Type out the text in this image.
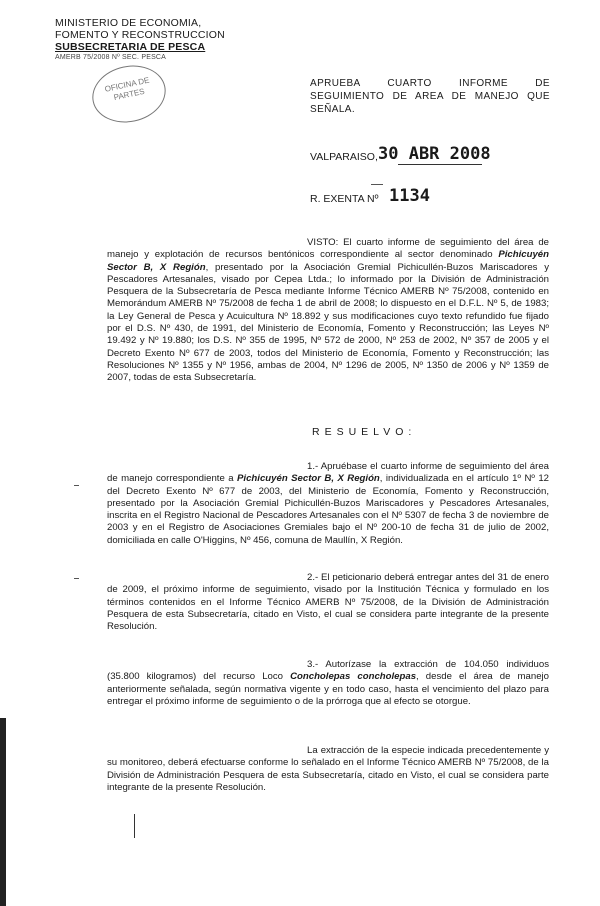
MINISTERIO DE ECONOMIA,
FOMENTO Y RECONSTRUCCION
SUBSECRETARIA DE PESCA
AMERB 75/2008 Nº SEC. PESCA
OFICINA DE PARTES
APRUEBA CUARTO INFORME DE SEGUIMIENTO DE AREA DE MANEJO QUE SEÑALA.
VALPARAISO, 30 ABR 2008
R. EXENTA Nº 1134

VISTO: El cuarto informe de seguimiento del área de manejo y explotación de recursos bentónicos correspondiente al sector denominado Pichicuyén Sector B, X Región, presentado por la Asociación Gremial Pichicullén-Buzos Mariscadores y Pescadores Artesanales, visado por Cepea Ltda.; lo informado por la División de Administración Pesquera de la Subsecretaría de Pesca mediante Informe Técnico AMERB Nº 75/2008, contenido en Memorándum AMERB Nº 75/2008 de fecha 1 de abril de 2008; lo dispuesto en el D.F.L. Nº 5, de 1983; la Ley General de Pesca y Acuicultura Nº 18.892 y sus modificaciones cuyo texto refundido fue fijado por el D.S. Nº 430, de 1991, del Ministerio de Economía, Fomento y Reconstrucción; las Leyes Nº 19.492 y Nº 19.880; los D.S. Nº 355 de 1995, Nº 572 de 2000, Nº 253 de 2002, Nº 357 de 2005 y el Decreto Exento Nº 677 de 2003, todos del Ministerio de Economía, Fomento y Reconstrucción; las Resoluciones Nº 1355 y Nº 1956, ambas de 2004, Nº 1296 de 2005, Nº 1350 de 2006 y Nº 1359 de 2007, todas de esta Subsecretaría.

RESUELVO:

1.- Apruébase el cuarto informe de seguimiento del área de manejo correspondiente a Pichicuyén Sector B, X Región, individualizada en el artículo 1º Nº 12 del Decreto Exento Nº 677 de 2003, del Ministerio de Economía, Fomento y Reconstrucción, presentado por la Asociación Gremial Pichicullén-Buzos Mariscadores y Pescadores Artesanales, inscrita en el Registro Nacional de Pescadores Artesanales con el Nº 5307 de fecha 3 de noviembre de 2003 y en el Registro de Asociaciones Gremiales bajo el Nº 200-10 de fecha 31 de julio de 2002, domiciliada en calle O'Higgins, Nº 456, comuna de Maullín, X Región.

2.- El peticionario deberá entregar antes del 31 de enero de 2009, el próximo informe de seguimiento, visado por la Institución Técnica y formulado en los términos contenidos en el Informe Técnico AMERB Nº 75/2008, de la División de Administración Pesquera de esta Subsecretaría, citado en Visto, el cual se considera parte integrante de la presente Resolución.

3.- Autorízase la extracción de 104.050 individuos (35.800 kilogramos) del recurso Loco Concholepas concholepas, desde el área de manejo anteriormente señalada, según normativa vigente y en todo caso, hasta el vencimiento del plazo para entregar el próximo informe de seguimiento o de la prórroga que al efecto se otorgue.

La extracción de la especie indicada precedentemente y su monitoreo, deberá efectuarse conforme lo señalado en el Informe Técnico AMERB Nº 75/2008, de la División de Administración Pesquera de esta Subsecretaría, citado en Visto, el cual se considera parte integrante de la presente Resolución.
